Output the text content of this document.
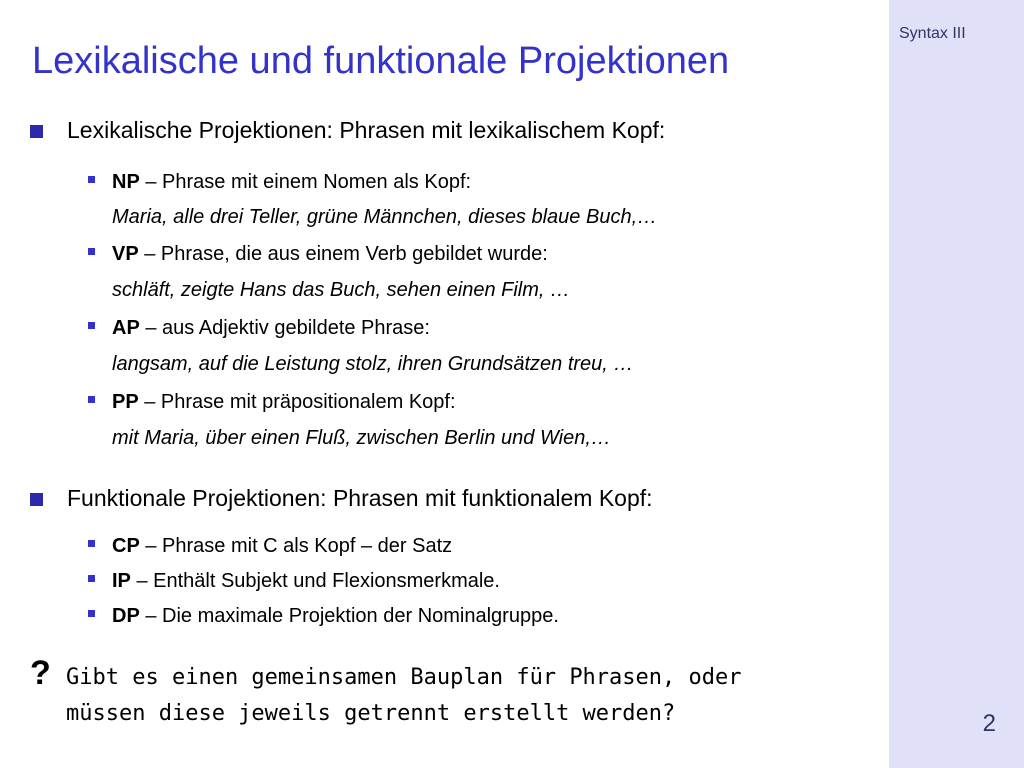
Syntax III
2
Lexikalische und funktionale Projektionen
Lexikalische Projektionen: Phrasen mit lexikalischem Kopf:
NP – Phrase mit einem Nomen als Kopf:
Maria, alle drei Teller, grüne Männchen, dieses blaue Buch,…
VP – Phrase, die aus einem Verb gebildet wurde:
schläft, zeigte Hans das Buch, sehen einen Film, …
AP – aus Adjektiv gebildete Phrase:
langsam, auf die Leistung stolz, ihren Grundsätzen treu, …
PP – Phrase mit präpositionalem Kopf:
mit Maria, über einen Fluß, zwischen Berlin und Wien,…
Funktionale Projektionen: Phrasen mit funktionalem Kopf:
CP – Phrase mit C als Kopf – der Satz
IP – Enthält Subjekt und Flexionsmerkmale.
DP – Die maximale Projektion der Nominalgruppe.
? Gibt es einen gemeinsamen Bauplan für Phrasen, oder müssen diese jeweils getrennt erstellt werden?
